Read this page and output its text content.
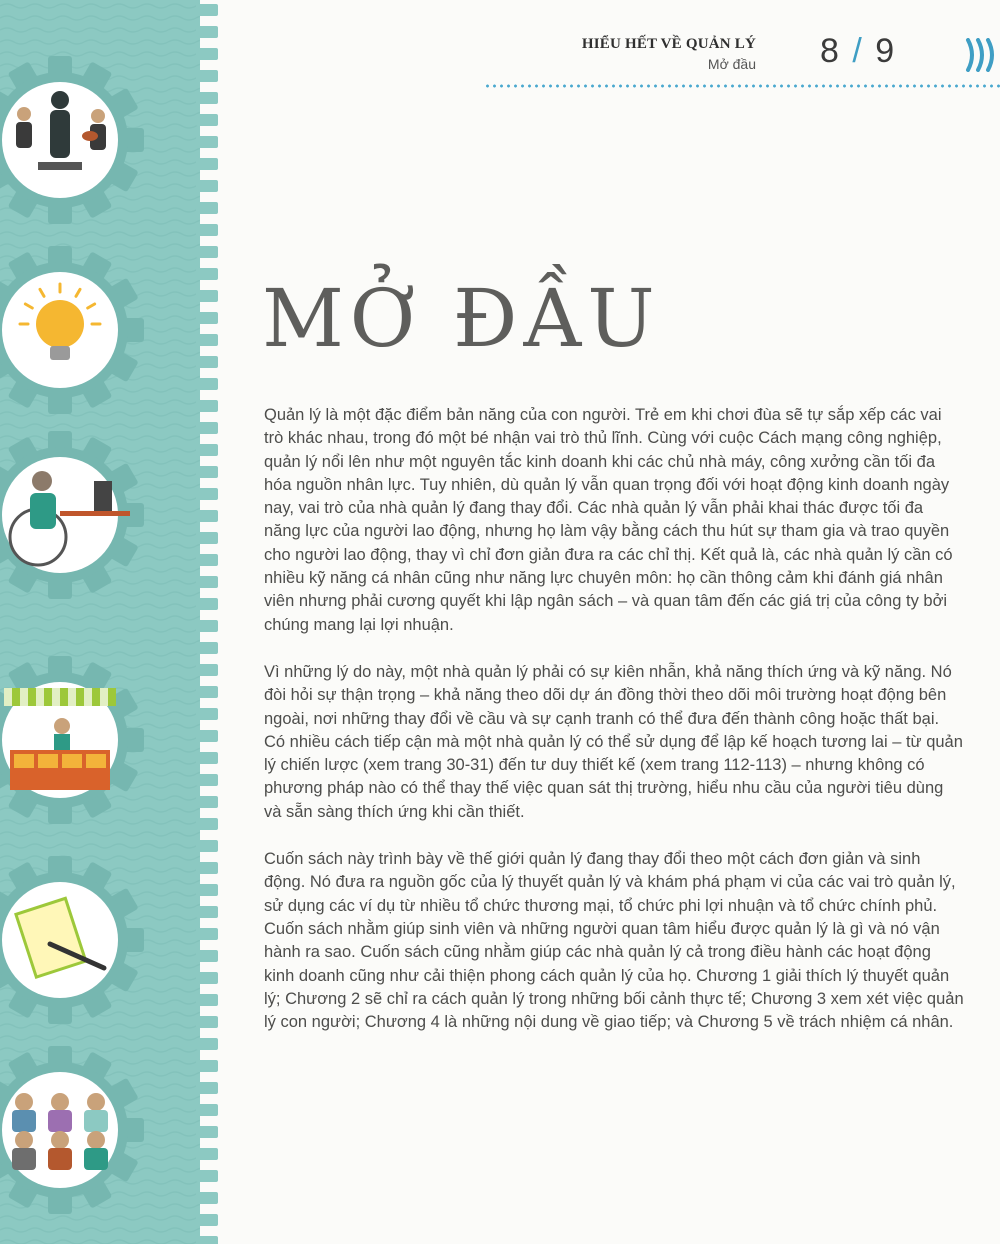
HIỂU HẾT VỀ QUẢN LÝ
Mở đầu 8 / 9
MỞ ĐẦU

Quản lý là một đặc điểm bản năng của con người. Trẻ em khi chơi đùa sẽ tự sắp xếp các vai trò khác nhau, trong đó một bé nhận vai trò thủ lĩnh. Cùng với cuộc Cách mạng công nghiệp, quản lý nổi lên như một nguyên tắc kinh doanh khi các chủ nhà máy, công xưởng cần tối đa hóa nguồn nhân lực. Tuy nhiên, dù quản lý vẫn quan trọng đối với hoạt động kinh doanh ngày nay, vai trò của nhà quản lý đang thay đổi. Các nhà quản lý vẫn phải khai thác được tối đa năng lực của người lao động, nhưng họ làm vậy bằng cách thu hút sự tham gia và trao quyền cho người lao động, thay vì chỉ đơn giản đưa ra các chỉ thị. Kết quả là, các nhà quản lý cần có nhiều kỹ năng cá nhân cũng như năng lực chuyên môn: họ cần thông cảm khi đánh giá nhân viên nhưng phải cương quyết khi lập ngân sách – và quan tâm đến các giá trị của công ty bởi chúng mang lại lợi nhuận.

Vì những lý do này, một nhà quản lý phải có sự kiên nhẫn, khả năng thích ứng và kỹ năng. Nó đòi hỏi sự thận trọng – khả năng theo dõi dự án đồng thời theo dõi môi trường hoạt động bên ngoài, nơi những thay đổi về cầu và sự cạnh tranh có thể đưa đến thành công hoặc thất bại. Có nhiều cách tiếp cận mà một nhà quản lý có thể sử dụng để lập kế hoạch tương lai – từ quản lý chiến lược (xem trang 30-31) đến tư duy thiết kế (xem trang 112-113) – nhưng không có phương pháp nào có thể thay thế việc quan sát thị trường, hiểu nhu cầu của người tiêu dùng và sẵn sàng thích ứng khi cần thiết.

Cuốn sách này trình bày về thế giới quản lý đang thay đổi theo một cách đơn giản và sinh động. Nó đưa ra nguồn gốc của lý thuyết quản lý và khám phá phạm vi của các vai trò quản lý, sử dụng các ví dụ từ nhiều tổ chức thương mại, tổ chức phi lợi nhuận và tổ chức chính phủ. Cuốn sách nhằm giúp sinh viên và những người quan tâm hiểu được quản lý là gì và nó vận hành ra sao. Cuốn sách cũng nhằm giúp các nhà quản lý cả trong điều hành các hoạt động kinh doanh cũng như cải thiện phong cách quản lý của họ. Chương 1 giải thích lý thuyết quản lý; Chương 2 sẽ chỉ ra cách quản lý trong những bối cảnh thực tế; Chương 3 xem xét việc quản lý con người; Chương 4 là những nội dung về giao tiếp; và Chương 5 về trách nhiệm cá nhân.
